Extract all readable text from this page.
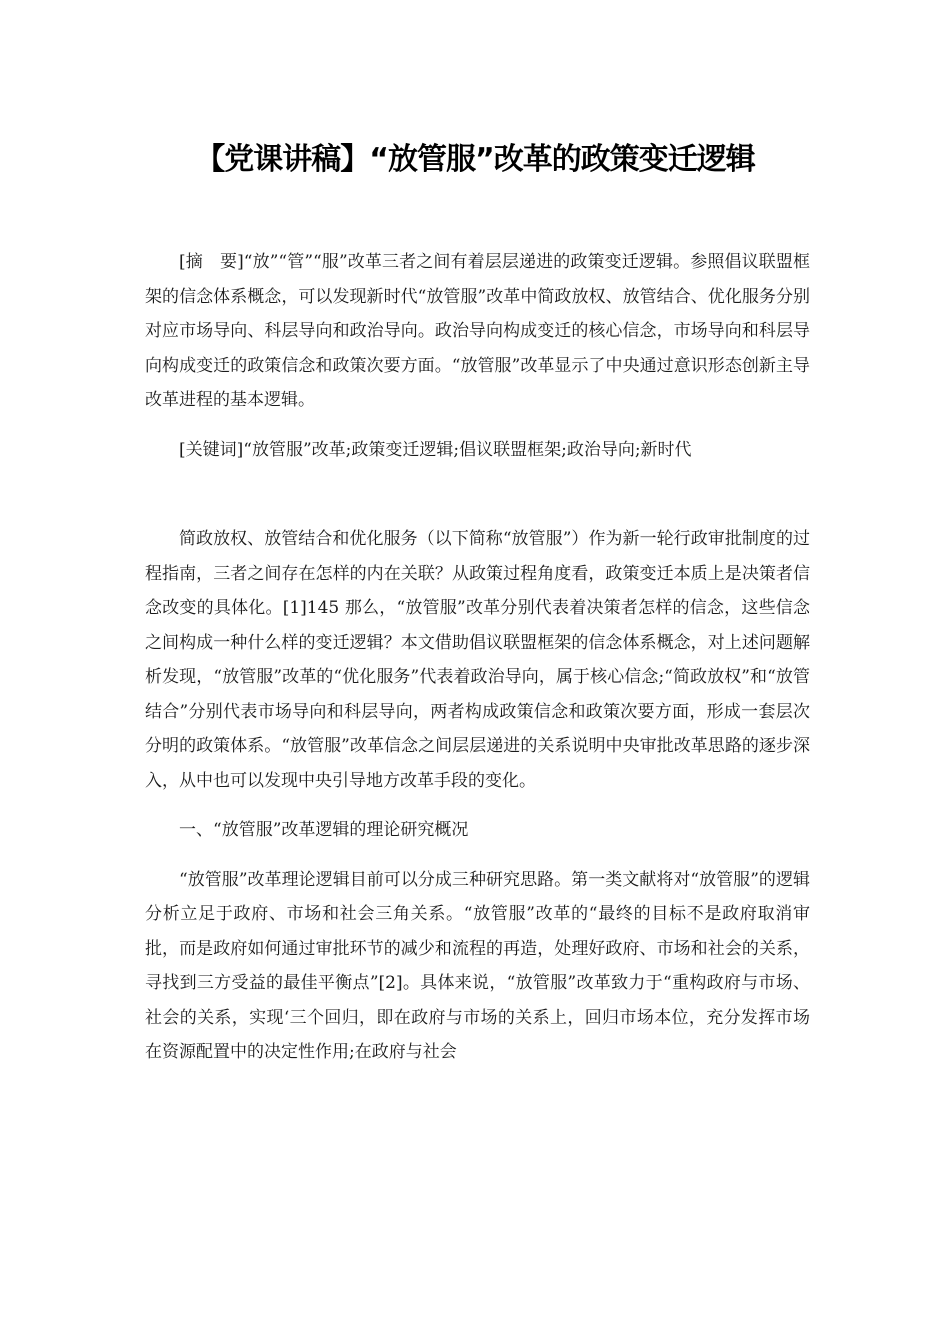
【党课讲稿】“放管服”改革的政策变迁逻辑

[摘　要]“放”“管”“服”改革三者之间有着层层递进的政策变迁逻辑。参照倡议联盟框架的信念体系概念，可以发现新时代“放管服”改革中简政放权、放管结合、优化服务分别对应市场导向、科层导向和政治导向。政治导向构成变迁的核心信念，市场导向和科层导向构成变迁的政策信念和政策次要方面。“放管服”改革显示了中央通过意识形态创新主导改革进程的基本逻辑。

[关键词]“放管服”改革;政策变迁逻辑;倡议联盟框架;政治导向;新时代

简政放权、放管结合和优化服务（以下简称“放管服”）作为新一轮行政审批制度的过程指南，三者之间存在怎样的内在关联？从政策过程角度看，政策变迁本质上是决策者信念改变的具体化。[1]145 那么，“放管服”改革分别代表着决策者怎样的信念，这些信念之间构成一种什么样的变迁逻辑？本文借助倡议联盟框架的信念体系概念，对上述问题解析发现，“放管服”改革的“优化服务”代表着政治导向，属于核心信念;“简政放权”和“放管结合”分别代表市场导向和科层导向，两者构成政策信念和政策次要方面，形成一套层次分明的政策体系。“放管服”改革信念之间层层递进的关系说明中央审批改革思路的逐步深入，从中也可以发现中央引导地方改革手段的变化。

一、“放管服”改革逻辑的理论研究概况

“放管服”改革理论逻辑目前可以分成三种研究思路。第一类文献将对“放管服”的逻辑分析立足于政府、市场和社会三角关系。“放管服”改革的“最终的目标不是政府取消审批，而是政府如何通过审批环节的减少和流程的再造，处理好政府、市场和社会的关系，寻找到三方受益的最佳平衡点”[2]。具体来说，“放管服”改革致力于“重构政府与市场、社会的关系，实现‘三个回归，即在政府与市场的关系上，回归市场本位，充分发挥市场在资源配置中的决定性作用;在政府与社会
